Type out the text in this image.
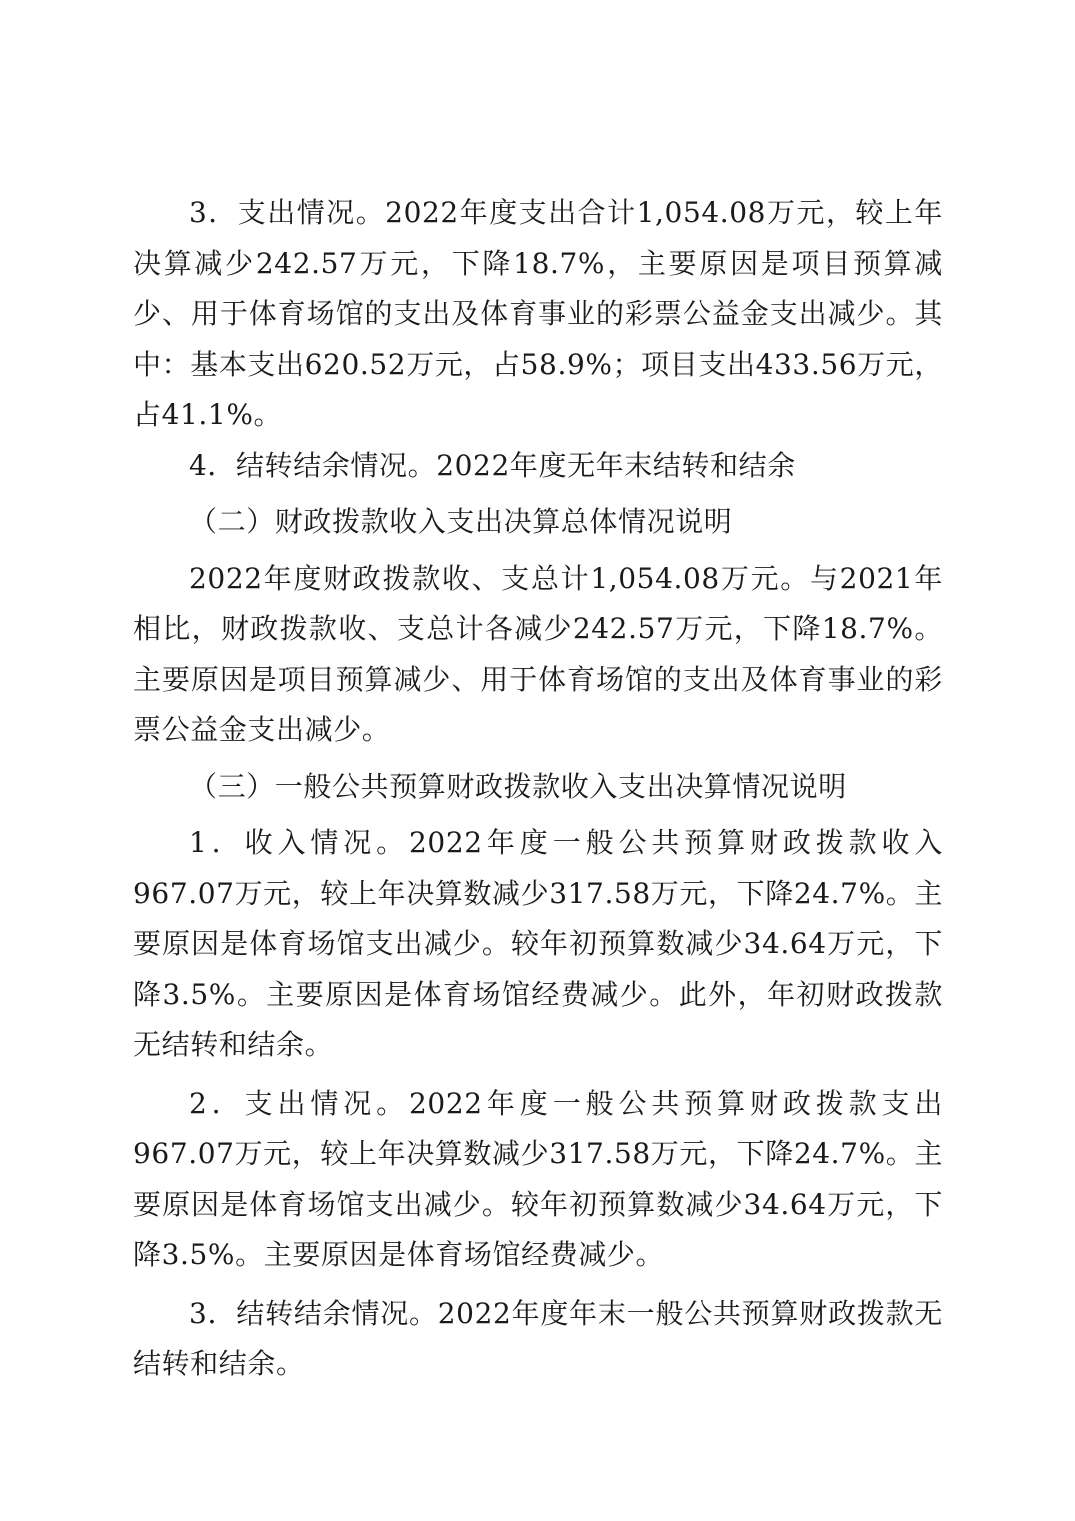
3．支出情况。2022年度支出合计1,054.08万元，较上年决算减少242.57万元，下降18.7%，主要原因是项目预算减少、用于体育场馆的支出及体育事业的彩票公益金支出减少。其中：基本支出620.52万元，占58.9%；项目支出433.56万元，占41.1%。

4．结转结余情况。2022年度无年末结转和结余

（二）财政拨款收入支出决算总体情况说明

2022年度财政拨款收、支总计1,054.08万元。与2021年相比，财政拨款收、支总计各减少242.57万元，下降18.7%。主要原因是项目预算减少、用于体育场馆的支出及体育事业的彩票公益金支出减少。

（三）一般公共预算财政拨款收入支出决算情况说明

1．收入情况。2022年度一般公共预算财政拨款收入967.07万元，较上年决算数减少317.58万元，下降24.7%。主要原因是体育场馆支出减少。较年初预算数减少34.64万元，下降3.5%。主要原因是体育场馆经费减少。此外，年初财政拨款无结转和结余。

2．支出情况。2022年度一般公共预算财政拨款支出967.07万元，较上年决算数减少317.58万元，下降24.7%。主要原因是体育场馆支出减少。较年初预算数减少34.64万元，下降3.5%。主要原因是体育场馆经费减少。

3．结转结余情况。2022年度年末一般公共预算财政拨款无结转和结余。
